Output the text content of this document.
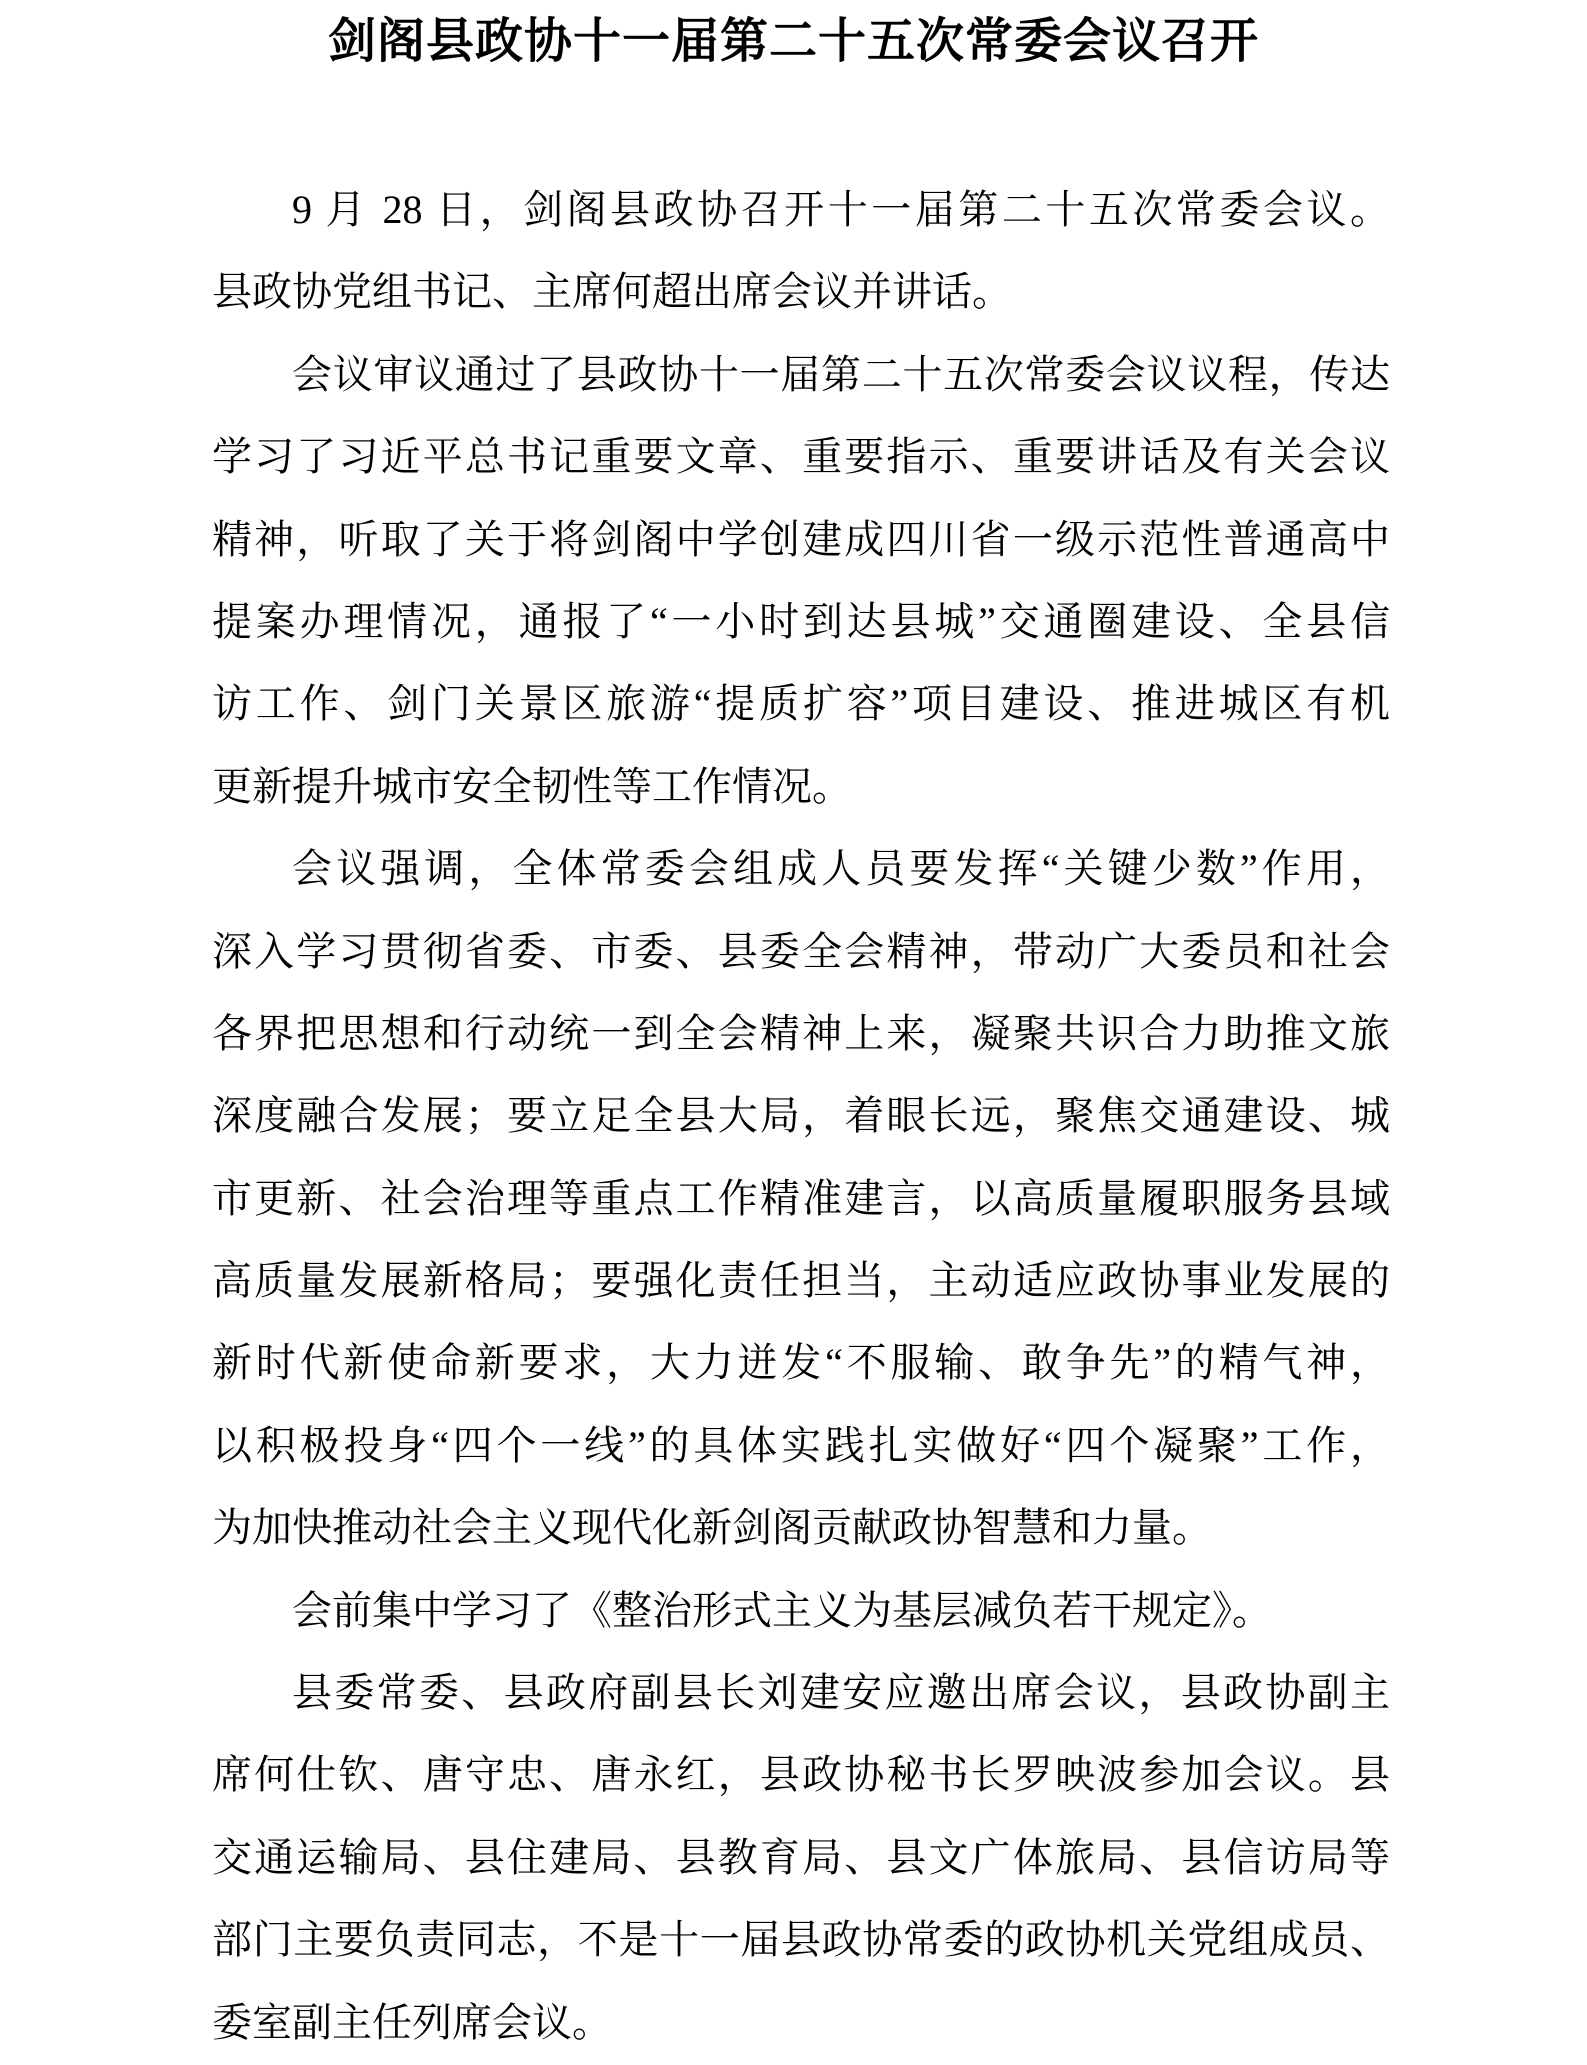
剑阁县政协十一届第二十五次常委会议召开
9 月 28 日，剑阁县政协召开十一届第二十五次常委会议。
县政协党组书记、主席何超出席会议并讲话。
会议审议通过了县政协十一届第二十五次常委会议议程，传达
学习了习近平总书记重要文章、重要指示、重要讲话及有关会议
精神，听取了关于将剑阁中学创建成四川省一级示范性普通高中
提案办理情况，通报了“一小时到达县城”交通圈建设、全县信
访工作、剑门关景区旅游“提质扩容”项目建设、推进城区有机
更新提升城市安全韧性等工作情况。
会议强调，全体常委会组成人员要发挥“关键少数”作用，
深入学习贯彻省委、市委、县委全会精神，带动广大委员和社会
各界把思想和行动统一到全会精神上来，凝聚共识合力助推文旅
深度融合发展；要立足全县大局，着眼长远，聚焦交通建设、城
市更新、社会治理等重点工作精准建言，以高质量履职服务县域
高质量发展新格局；要强化责任担当，主动适应政协事业发展的
新时代新使命新要求，大力迸发“不服输、敢争先”的精气神，
以积极投身“四个一线”的具体实践扎实做好“四个凝聚”工作，
为加快推动社会主义现代化新剑阁贡献政协智慧和力量。
会前集中学习了《整治形式主义为基层减负若干规定》。
县委常委、县政府副县长刘建安应邀出席会议，县政协副主
席何仕钦、唐守忠、唐永红，县政协秘书长罗映波参加会议。县
交通运输局、县住建局、县教育局、县文广体旅局、县信访局等
部门主要负责同志，不是十一届县政协常委的政协机关党组成员、
委室副主任列席会议。
